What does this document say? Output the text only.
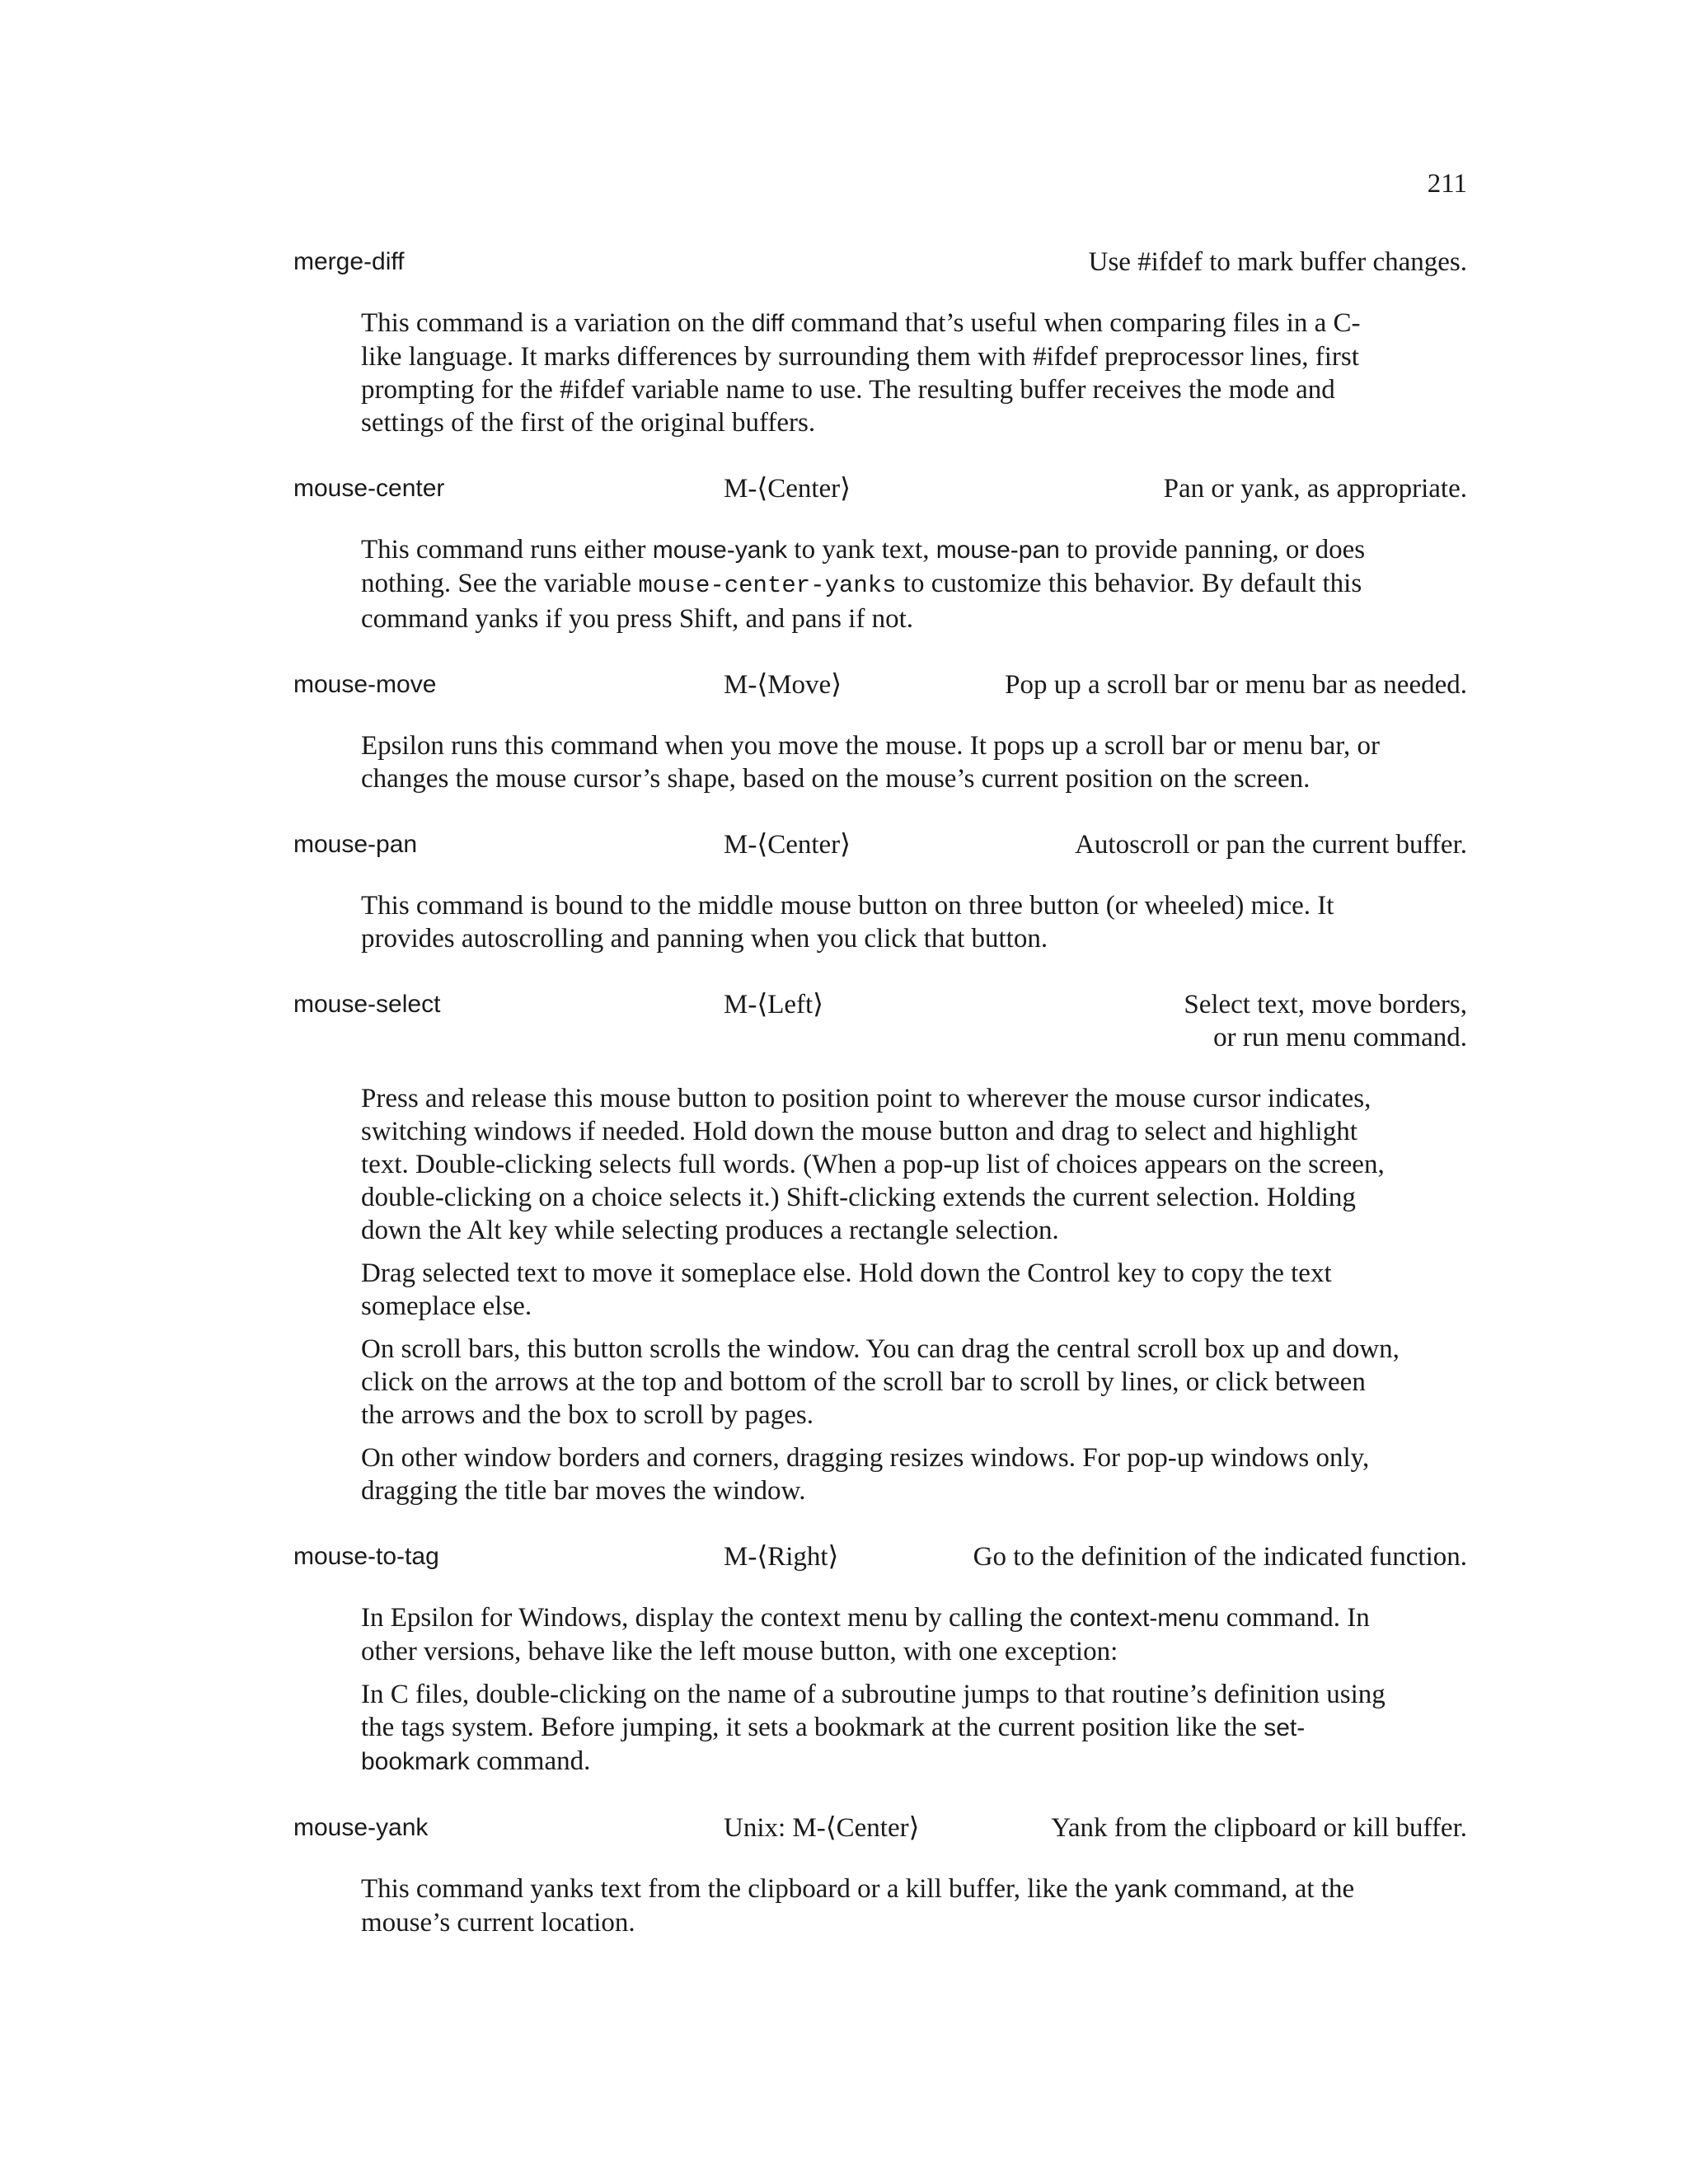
211
merge-diff	Use #ifdef to mark buffer changes.

This command is a variation on the diff command that’s useful when comparing files in a C-like language. It marks differences by surrounding them with #ifdef preprocessor lines, first prompting for the #ifdef variable name to use. The resulting buffer receives the mode and settings of the first of the original buffers.

mouse-center	M-⟨Center⟩	Pan or yank, as appropriate.

This command runs either mouse-yank to yank text, mouse-pan to provide panning, or does nothing. See the variable mouse-center-yanks to customize this behavior. By default this command yanks if you press Shift, and pans if not.

mouse-move	M-⟨Move⟩	Pop up a scroll bar or menu bar as needed.

Epsilon runs this command when you move the mouse. It pops up a scroll bar or menu bar, or changes the mouse cursor’s shape, based on the mouse’s current position on the screen.

mouse-pan	M-⟨Center⟩	Autoscroll or pan the current buffer.

This command is bound to the middle mouse button on three button (or wheeled) mice. It provides autoscrolling and panning when you click that button.

mouse-select	M-⟨Left⟩	Select text, move borders,
or run menu command.

Press and release this mouse button to position point to wherever the mouse cursor indicates, switching windows if needed. Hold down the mouse button and drag to select and highlight text. Double-clicking selects full words. (When a pop-up list of choices appears on the screen, double-clicking on a choice selects it.) Shift-clicking extends the current selection. Holding down the Alt key while selecting produces a rectangle selection.

Drag selected text to move it someplace else. Hold down the Control key to copy the text someplace else.

On scroll bars, this button scrolls the window. You can drag the central scroll box up and down, click on the arrows at the top and bottom of the scroll bar to scroll by lines, or click between the arrows and the box to scroll by pages.

On other window borders and corners, dragging resizes windows. For pop-up windows only, dragging the title bar moves the window.

mouse-to-tag	M-⟨Right⟩	Go to the definition of the indicated function.

In Epsilon for Windows, display the context menu by calling the context-menu command. In other versions, behave like the left mouse button, with one exception:

In C files, double-clicking on the name of a subroutine jumps to that routine’s definition using the tags system. Before jumping, it sets a bookmark at the current position like the set-bookmark command.

mouse-yank	Unix: M-⟨Center⟩	Yank from the clipboard or kill buffer.

This command yanks text from the clipboard or a kill buffer, like the yank command, at the mouse’s current location.
